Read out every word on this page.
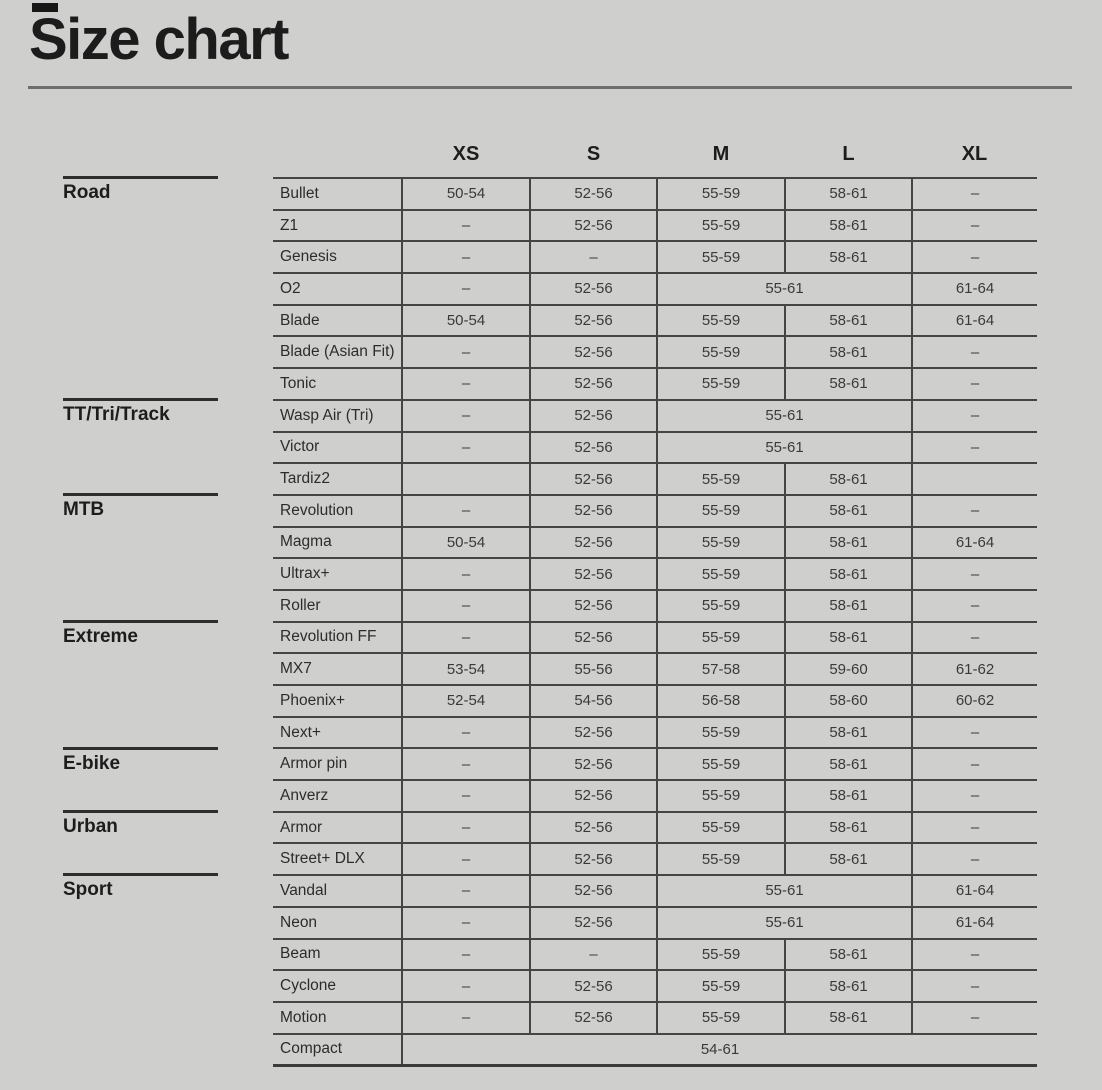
Size chart
Road
TT/Tri/Track
MTB
Extreme
E-bike
Urban
Sport
	XS	S	M	L	XL
Bullet	50-54	52-56	55-59	58-61	–
Z1	–	52-56	55-59	58-61	–
Genesis	–	–	55-59	58-61	–
O2	–	52-56	55-61		61-64
Blade	50-54	52-56	55-59	58-61	61-64
Blade (Asian Fit)	–	52-56	55-59	58-61	–
Tonic	–	52-56	55-59	58-61	–
Wasp Air (Tri)	–	52-56	55-61		–
Victor	–	52-56	55-61		–
Tardiz2		52-56	55-59	58-61	
Revolution	–	52-56	55-59	58-61	–
Magma	50-54	52-56	55-59	58-61	61-64
Ultrax+	–	52-56	55-59	58-61	–
Roller	–	52-56	55-59	58-61	–
Revolution FF	–	52-56	55-59	58-61	–
MX7	53-54	55-56	57-58	59-60	61-62
Phoenix+	52-54	54-56	56-58	58-60	60-62
Next+	–	52-56	55-59	58-61	–
Armor pin	–	52-56	55-59	58-61	–
Anverz	–	52-56	55-59	58-61	–
Armor	–	52-56	55-59	58-61	–
Street+ DLX	–	52-56	55-59	58-61	–
Vandal	–	52-56	55-61		61-64
Neon	–	52-56	55-61		61-64
Beam	–	–	55-59	58-61	–
Cyclone	–	52-56	55-59	58-61	–
Motion	–	52-56	55-59	58-61	–
Compact	54-61				
